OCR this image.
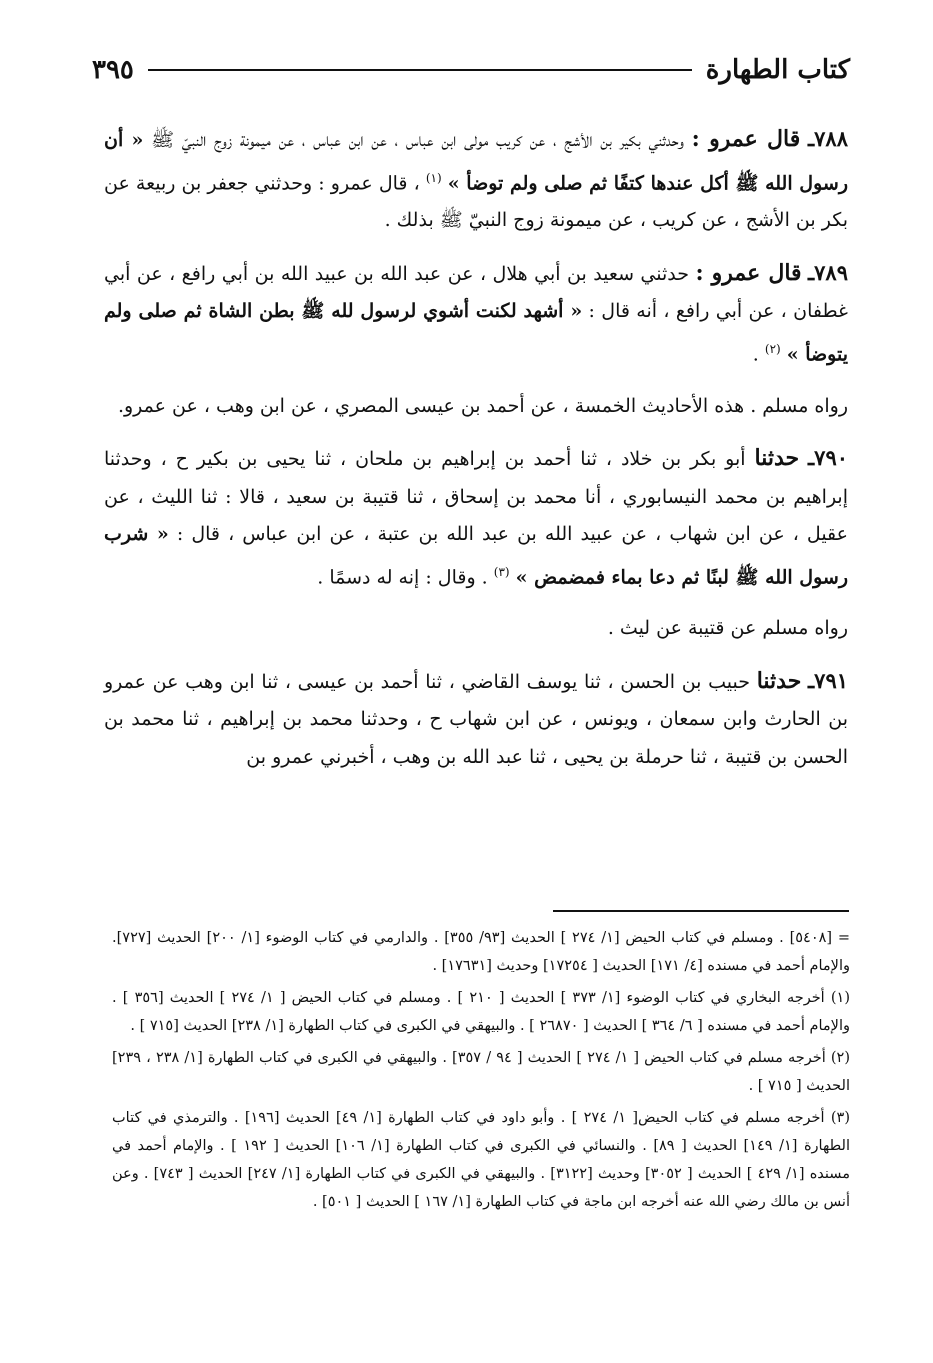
كتاب الطهارة
٣٩٥

٧٨٨ـ قال عمرو : وحدثني بكير بن الأشج ، عن كريب مولى ابن عباس ، عن ابن عباس ، عن ميمونة زوج النبيّ ﷺ « أن رسول الله ﷺ أكل عندها كتفًا ثم صلى ولم توضأ » $^{(١)}$ ، قال عمرو : وحدثني جعفر بن ربيعة عن بكر بن الأشج ، عن كريب ، عن ميمونة زوج النبيّ ﷺ بذلك .

٧٨٩ـ قال عمرو : حدثني سعيد بن أبي هلال ، عن عبد الله بن عبيد الله بن أبي رافع ، عن أبي غطفان ، عن أبي رافع ، أنه قال : « أشهد لكنت أشوي لرسول لله ﷺ بطن الشاة ثم صلى ولم يتوضأ » $^{(٢)}$ .

رواه مسلم . هذه الأحاديث الخمسة ، عن أحمد بن عيسى المصري ، عن ابن وهب ، عن عمرو.

٧٩٠ـ حدثنا أبو بكر بن خلاد ، ثنا أحمد بن إبراهيم بن ملحان ، ثنا يحيى بن بكير ح ، وحدثنا إبراهيم بن محمد النيسابوري ، أنا محمد بن إسحاق ، ثنا قتيبة بن سعيد ، قالا : ثنا الليث ، عن عقيل ، عن ابن شهاب ، عن عبيد الله بن عبد الله بن عتبة ، عن ابن عباس ، قال : « شرب رسول الله ﷺ لبنًا ثم دعا بماء فمضمض » $^{(٣)}$ . وقال : إنه له دسمًا .

رواه مسلم عن قتيبة عن ليث .

٧٩١ـ حدثنا حبيب بن الحسن ، ثنا يوسف القاضي ، ثنا أحمد بن عيسى ، ثنا ابن وهب عن عمرو بن الحارث وابن سمعان ، ويونس ، عن ابن شهاب ح ، وحدثنا محمد بن إبراهيم ، ثنا محمد بن الحسن بن قتيبة ، ثنا حرملة بن يحيى ، ثنا عبد الله بن وهب ، أخبرني عمرو بن

= [٥٤٠٨] . ومسلم في كتاب الحيض [١/ ٢٧٤ ] الحديث [٩٣/ ٣٥٥] . والدارمي في كتاب الوضوء [١/ ٢٠٠] الحديث [٧٢٧]. والإمام أحمد في مسنده [٤/ ١٧١] الحديث [ ١٧٢٥٤] وحديث [١٧٦٣١] .

(١) أخرجه البخاري في كتاب الوضوء [١/ ٣٧٣ ] الحديث [ ٢١٠ ] . ومسلم في كتاب الحيض [ ١/ ٢٧٤ ] الحديث [٣٥٦ ] . والإمام أحمد في مسنده [ ٦/ ٣٦٤ ] الحديث [ ٢٦٨٧٠ ] . والبيهقي في الكبرى في كتاب الطهارة [١/ ٢٣٨] الحديث [٧١٥ ] .

(٢) أخرجه مسلم في كتاب الحيض [ ١/ ٢٧٤ ] الحديث [ ٩٤ / ٣٥٧] . والبيهقي في الكبرى في كتاب الطهارة [١/ ٢٣٨ ، ٢٣٩] الحديث [ ٧١٥ ] .

(٣) أخرجه مسلم في كتاب الحيض[ ١/ ٢٧٤ ] . وأبو داود في كتاب الطهارة [١/ ٤٩] الحديث [١٩٦] . والترمذي في كتاب الطهارة [١/ ١٤٩] الحديث [ ٨٩] . والنسائي في الكبرى في كتاب الطهارة [١/ ١٠٦] الحديث [ ١٩٢ ] . والإمام أحمد في مسنده [١/ ٤٢٩ ] الحديث [ ٣٠٥٢] وحديث [٣١٢٢] . والبيهقي في الكبرى في كتاب الطهارة [١/ ٢٤٧] الحديث [ ٧٤٣] . وعن أنس بن مالك رضي الله عنه أخرجه ابن ماجة في كتاب الطهارة [١/ ١٦٧ ] الحديث [ ٥٠١] .
